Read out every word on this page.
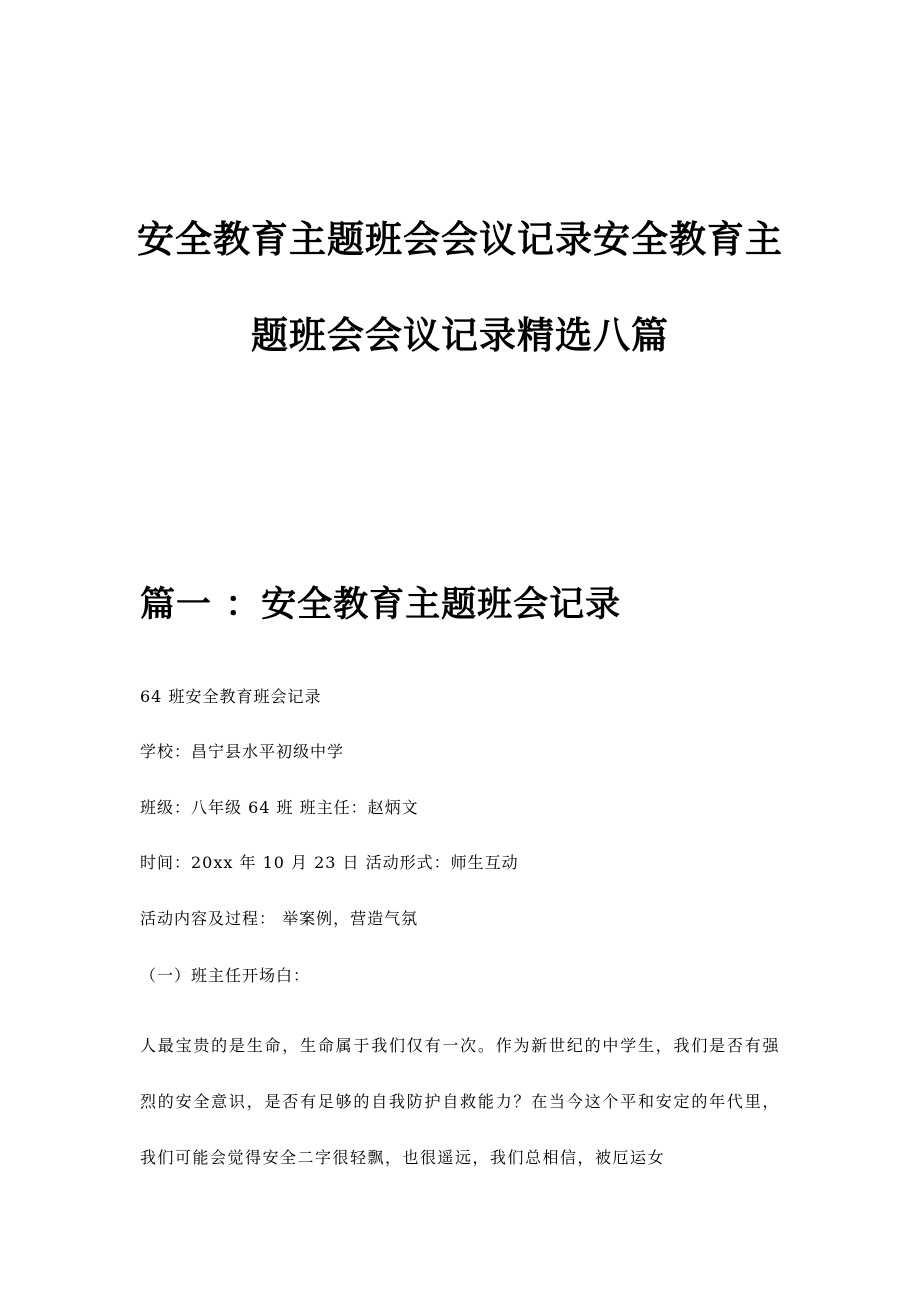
安全教育主题班会会议记录安全教育主
题班会会议记录精选八篇
篇一 ：安全教育主题班会记录
64 班安全教育班会记录
学校：昌宁县水平初级中学
班级：八年级 64 班 班主任：赵炳文
时间：20xx 年 10 月 23 日 活动形式：师生互动
活动内容及过程： 举案例，营造气氛
（一）班主任开场白：
人最宝贵的是生命，生命属于我们仅有一次。作为新世纪的中学生，我们是否有强烈的安全意识，是否有足够的自我防护自救能力？在当今这个平和安定的年代里，我们可能会觉得安全二字很轻飘，也很遥远，我们总相信，被厄运女
